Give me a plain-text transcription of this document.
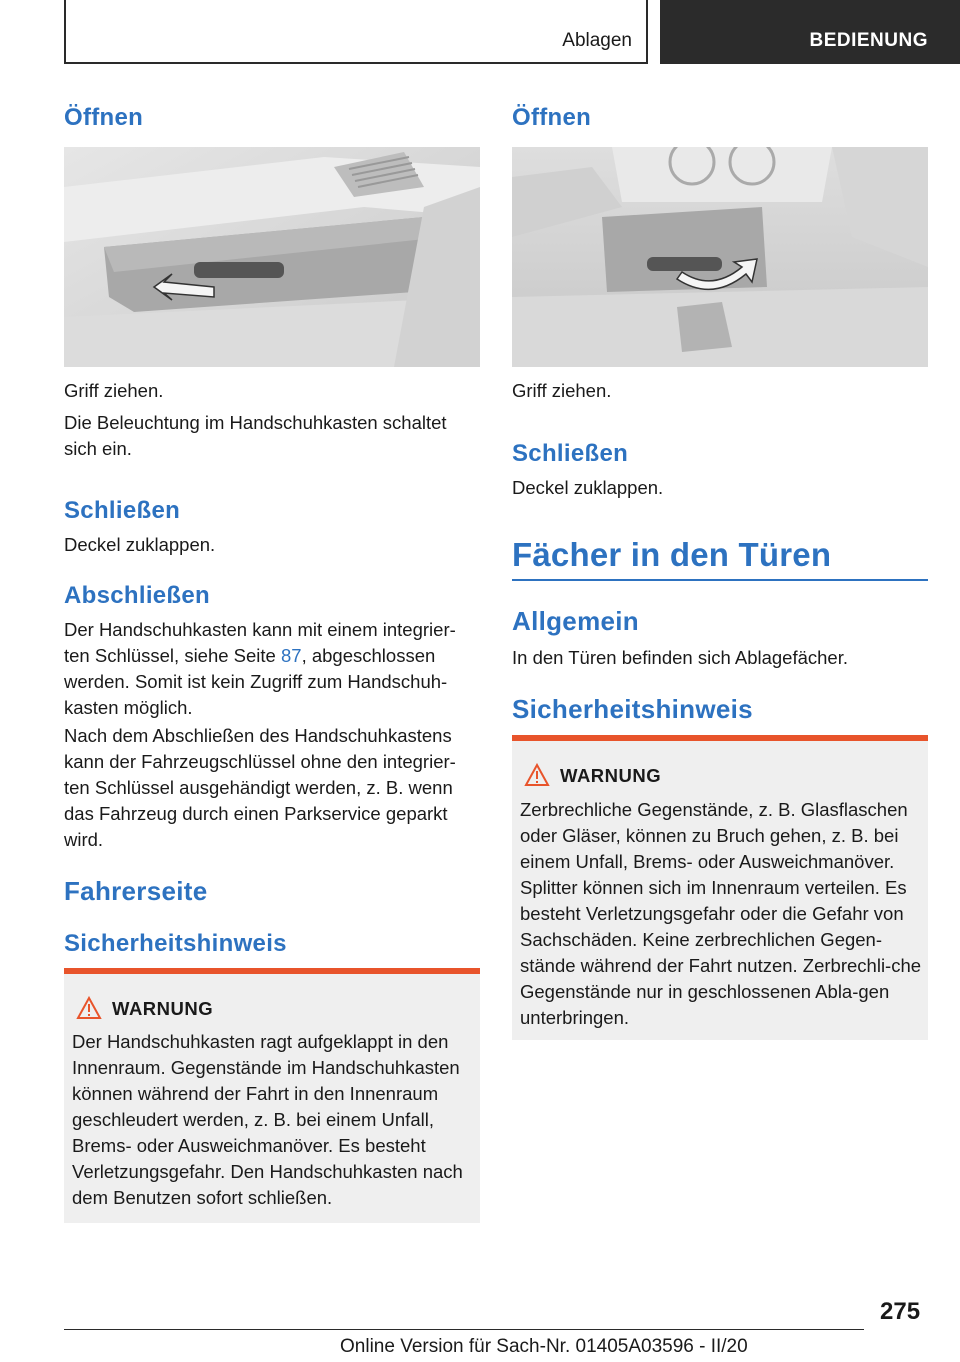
Ablagen	BEDIENUNG
Öffnen

Griff ziehen.

Die Beleuchtung im Handschuhkasten schaltet sich ein.

Schließen

Deckel zuklappen.

Abschließen

Der Handschuhkasten kann mit einem integrier-ten Schlüssel, siehe Seite 87, abgeschlossen werden. Somit ist kein Zugriff zum Handschuh-kasten möglich.

Nach dem Abschließen des Handschuhkastens kann der Fahrzeugschlüssel ohne den integrier-ten Schlüssel ausgehändigt werden, z. B. wenn das Fahrzeug durch einen Parkservice geparkt wird.

Fahrerseite
Sicherheitshinweis
WARNUNG
Der Handschuhkasten ragt aufgeklappt in den Innenraum. Gegenstände im Handschuhkasten können während der Fahrt in den Innenraum geschleudert werden, z. B. bei einem Unfall, Brems- oder Ausweichmanöver. Es besteht Verletzungsgefahr. Den Handschuhkasten nach dem Benutzen sofort schließen.
Öffnen

Griff ziehen.

Schließen

Deckel zuklappen.

Fächer in den Türen
Allgemein

In den Türen befinden sich Ablagefächer.

Sicherheitshinweis
WARNUNG
Zerbrechliche Gegenstände, z. B. Glasflaschen oder Gläser, können zu Bruch gehen, z. B. bei einem Unfall, Brems- oder Ausweichmanöver. Splitter können sich im Innenraum verteilen. Es besteht Verletzungsgefahr oder die Gefahr von Sachschäden. Keine zerbrechlichen Gegen-stände während der Fahrt nutzen. Zerbrechli-che Gegenstände nur in geschlossenen Abla-gen unterbringen.
275
Online Version für Sach-Nr. 01405A03596 - II/20
